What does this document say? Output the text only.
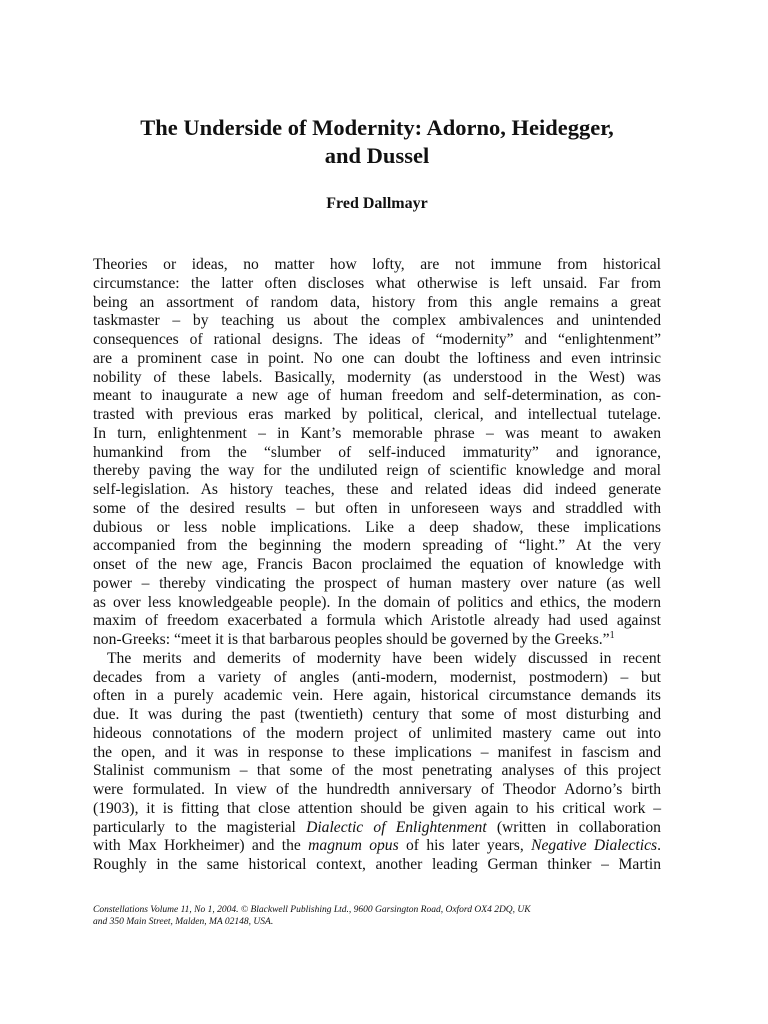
The Underside of Modernity: Adorno, Heidegger,
and Dussel

Fred Dallmayr

Theories or ideas, no matter how lofty, are not immune from historical
circumstance: the latter often discloses what otherwise is left unsaid. Far from
being an assortment of random data, history from this angle remains a great
taskmaster – by teaching us about the complex ambivalences and unintended
consequences of rational designs. The ideas of “modernity” and “enlightenment”
are a prominent case in point. No one can doubt the loftiness and even intrinsic
nobility of these labels. Basically, modernity (as understood in the West) was
meant to inaugurate a new age of human freedom and self-determination, as con-
trasted with previous eras marked by political, clerical, and intellectual tutelage.
In turn, enlightenment – in Kant’s memorable phrase – was meant to awaken
humankind from the “slumber of self-induced immaturity” and ignorance,
thereby paving the way for the undiluted reign of scientific knowledge and moral
self-legislation. As history teaches, these and related ideas did indeed generate
some of the desired results – but often in unforeseen ways and straddled with
dubious or less noble implications. Like a deep shadow, these implications
accompanied from the beginning the modern spreading of “light.” At the very
onset of the new age, Francis Bacon proclaimed the equation of knowledge with
power – thereby vindicating the prospect of human mastery over nature (as well
as over less knowledgeable people). In the domain of politics and ethics, the modern
maxim of freedom exacerbated a formula which Aristotle already had used against
non-Greeks: “meet it is that barbarous peoples should be governed by the Greeks.”$^1$
The merits and demerits of modernity have been widely discussed in recent
decades from a variety of angles (anti-modern, modernist, postmodern) – but
often in a purely academic vein. Here again, historical circumstance demands its
due. It was during the past (twentieth) century that some of most disturbing and
hideous connotations of the modern project of unlimited mastery came out into
the open, and it was in response to these implications – manifest in fascism and
Stalinist communism – that some of the most penetrating analyses of this project
were formulated. In view of the hundredth anniversary of Theodor Adorno’s birth
(1903), it is fitting that close attention should be given again to his critical work –
particularly to the magisterial Dialectic of Enlightenment (written in collaboration
with Max Horkheimer) and the magnum opus of his later years, Negative Dialectics.
Roughly in the same historical context, another leading German thinker – Martin
Constellations Volume 11, No 1, 2004. © Blackwell Publishing Ltd., 9600 Garsington Road, Oxford OX4 2DQ, UK
and 350 Main Street, Malden, MA 02148, USA.
